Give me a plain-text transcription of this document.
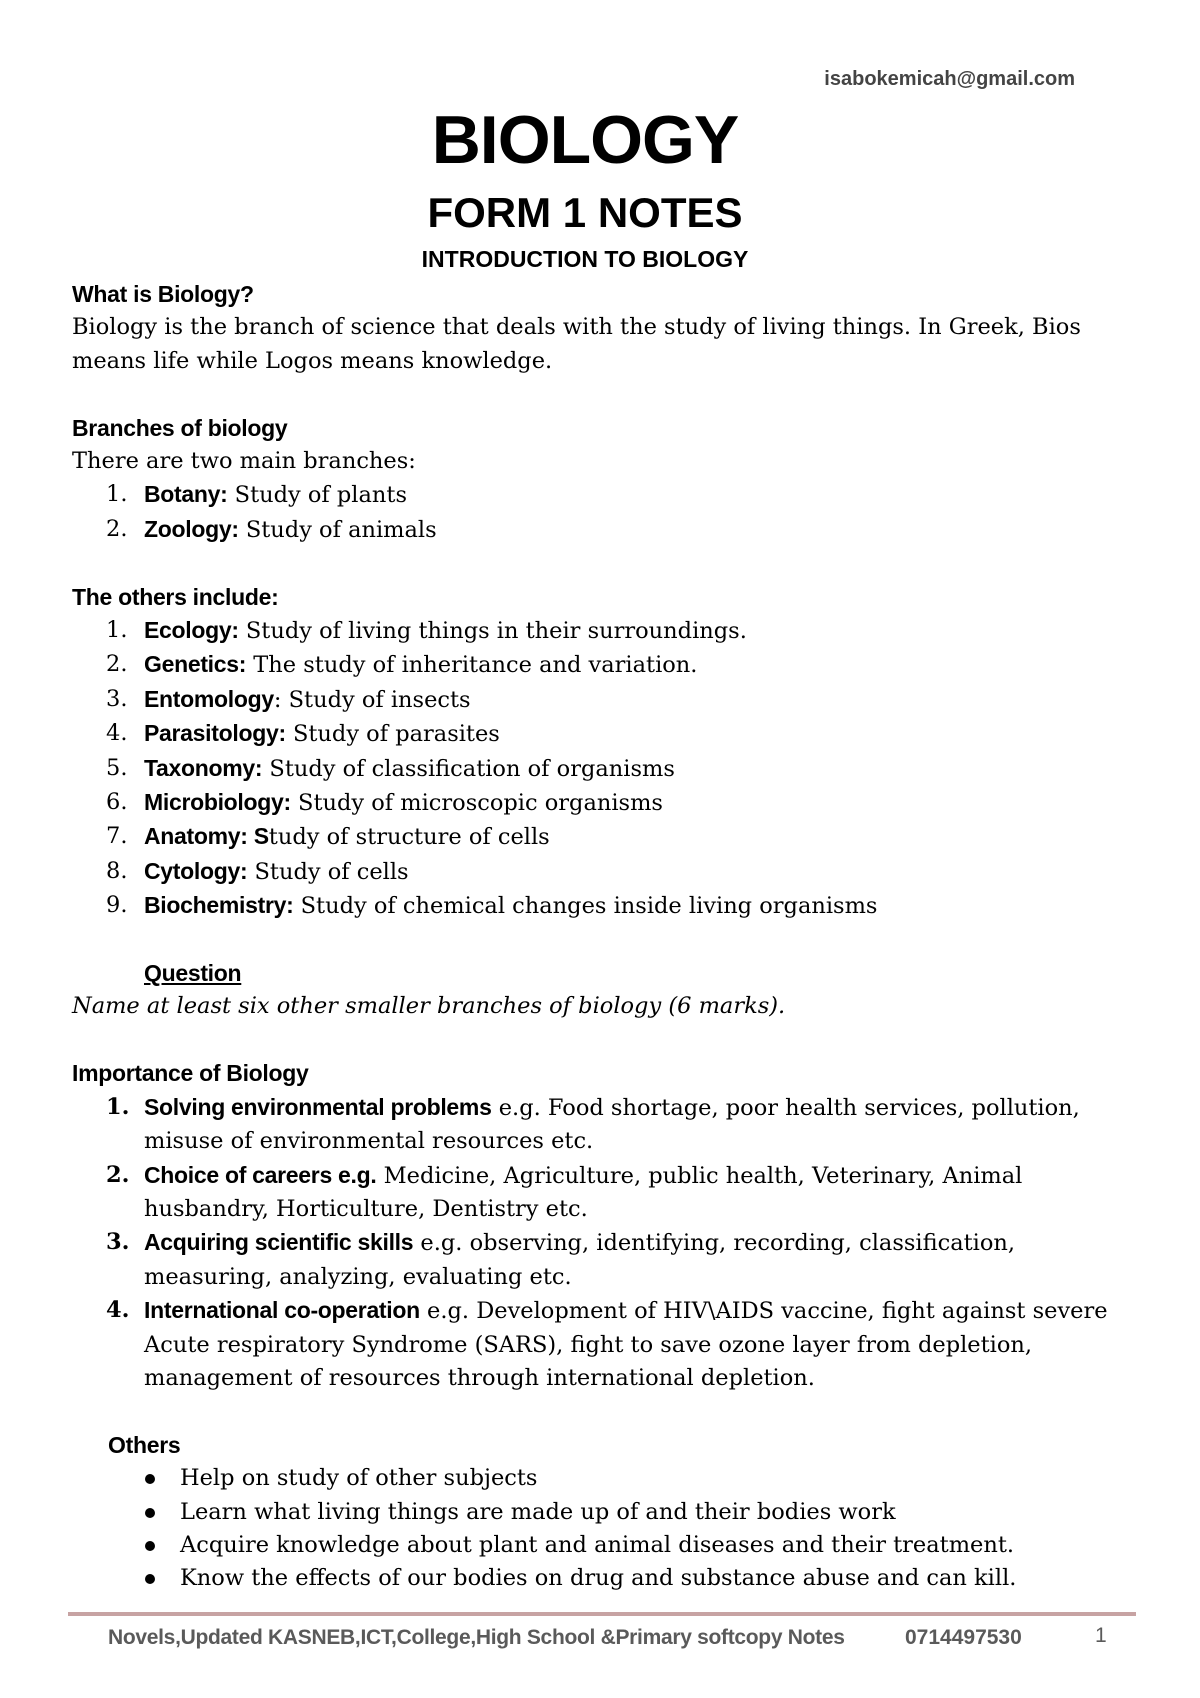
isabokemicah@gmail.com
BIOLOGY
FORM 1 NOTES
INTRODUCTION TO BIOLOGY

What is Biology?

Biology is the branch of science that deals with the study of living things. In Greek, Bios means life while Logos means knowledge.

Branches of biology

There are two main branches:

1. Botany: Study of plants
2. Zoology: Study of animals

The others include:

1. Ecology: Study of living things in their surroundings.
2. Genetics: The study of inheritance and variation.
3. Entomology: Study of insects
4. Parasitology: Study of parasites
5. Taxonomy: Study of classification of organisms
6. Microbiology: Study of microscopic organisms
7. Anatomy: Study of structure of cells
8. Cytology: Study of cells
9. Biochemistry: Study of chemical changes inside living organisms

Question

Name at least six other smaller branches of biology (6 marks).

Importance of Biology

1. Solving environmental problems e.g. Food shortage, poor health services, pollution, misuse of environmental resources etc.
2. Choice of careers e.g. Medicine, Agriculture, public health, Veterinary, Animal husbandry, Horticulture, Dentistry etc.
3. Acquiring scientific skills e.g. observing, identifying, recording, classification, measuring, analyzing, evaluating etc.
4. International co-operation e.g. Development of HIV\AIDS vaccine, fight against severe Acute respiratory Syndrome (SARS), fight to save ozone layer from depletion, management of resources through international depletion.

Others

Help on study of other subjects
Learn what living things are made up of and their bodies work
Acquire knowledge about plant and animal diseases and their treatment.
Know the effects of our bodies on drug and substance abuse and can kill.
Novels,Updated KASNEB,ICT,College,High School &Primary softcopy Notes	0714497530	1
